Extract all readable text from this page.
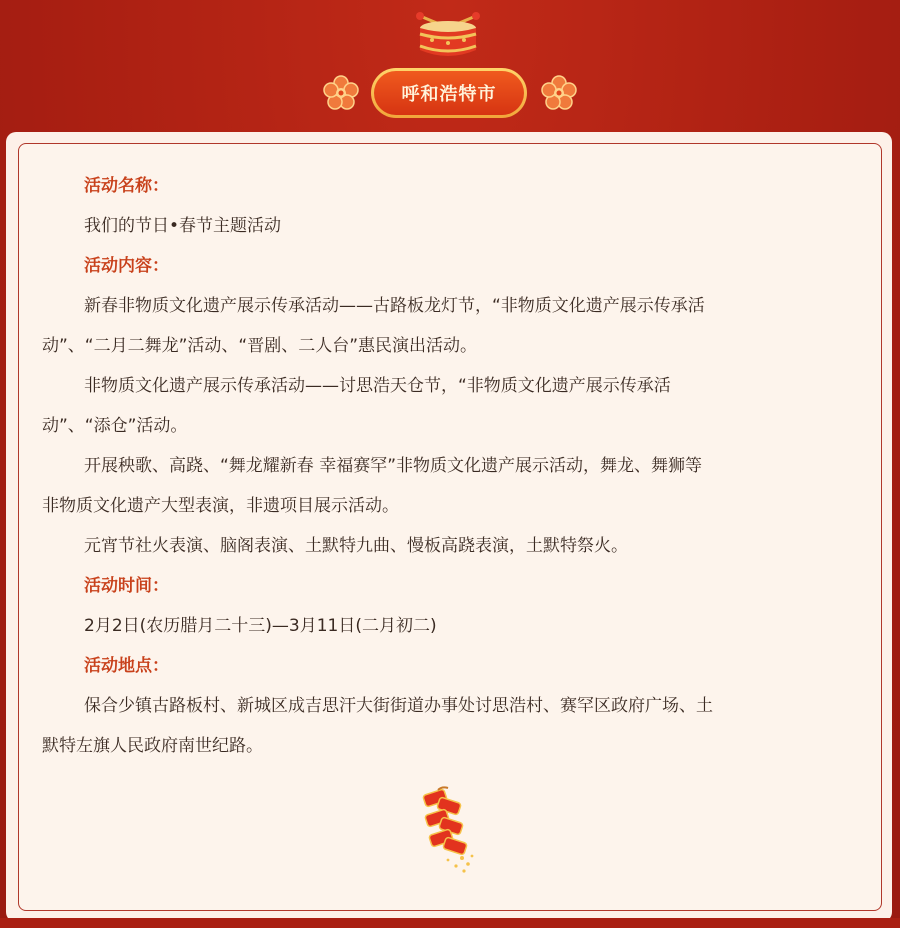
呼和浩特市

活动名称：

我们的节日•春节主题活动

活动内容：

新春非物质文化遗产展示传承活动——古路板龙灯节，“非物质文化遗产展示传承活

动”、“二月二舞龙”活动、“晋剧、二人台”惠民演出活动。

非物质文化遗产展示传承活动——讨思浩天仓节，“非物质文化遗产展示传承活

动”、“添仓”活动。

开展秧歌、高跷、“舞龙耀新春 幸福赛罕”非物质文化遗产展示活动，舞龙、舞狮等

非物质文化遗产大型表演，非遗项目展示活动。

元宵节社火表演、脑阁表演、土默特九曲、慢板高跷表演，土默特祭火。

活动时间：

2月2日(农历腊月二十三)—3月11日(二月初二)

活动地点：

保合少镇古路板村、新城区成吉思汗大街街道办事处讨思浩村、赛罕区政府广场、土

默特左旗人民政府南世纪路。
